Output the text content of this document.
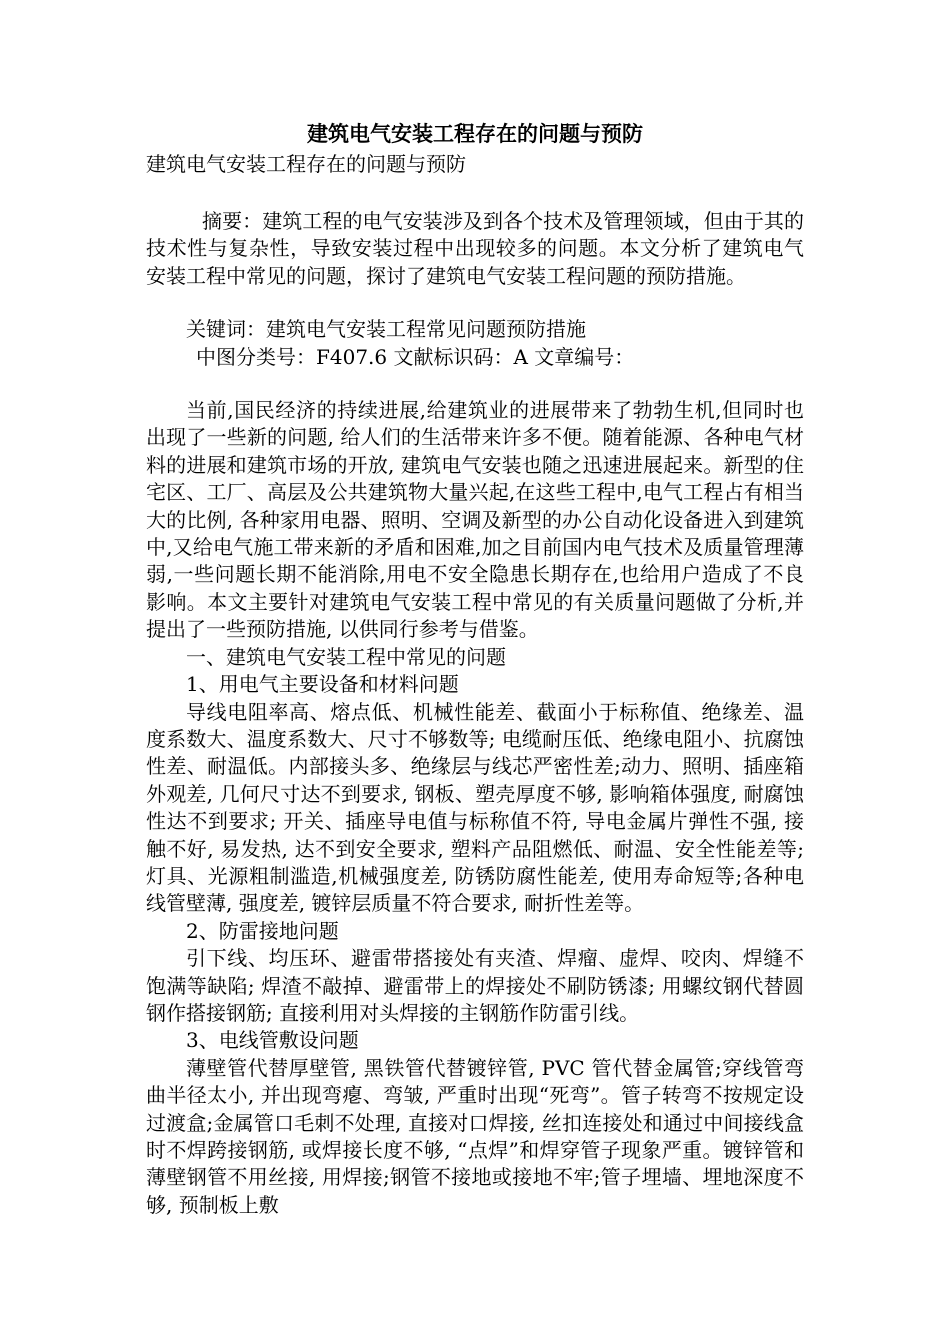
建筑电气安装工程存在的问题与预防

建筑电气安装工程存在的问题与预防

摘要：建筑工程的电气安装涉及到各个技术及管理领域，但由于其的技术性与复杂性，导致安装过程中出现较多的问题。本文分析了建筑电气安装工程中常见的问题，探讨了建筑电气安装工程问题的预防措施。

关键词：建筑电气安装工程常见问题预防措施

中图分类号：F407.6 文献标识码：A 文章编号：

当前,国民经济的持续进展,给建筑业的进展带来了勃勃生机,但同时也出现了一些新的问题, 给人们的生活带来许多不便。随着能源、各种电气材料的进展和建筑市场的开放, 建筑电气安装也随之迅速进展起来。新型的住宅区、工厂、高层及公共建筑物大量兴起,在这些工程中,电气工程占有相当大的比例, 各种家用电器、照明、空调及新型的办公自动化设备进入到建筑中,又给电气施工带来新的矛盾和困难,加之目前国内电气技术及质量管理薄弱,一些问题长期不能消除,用电不安全隐患长期存在,也给用户造成了不良影响。本文主要针对建筑电气安装工程中常见的有关质量问题做了分析,并提出了一些预防措施, 以供同行参考与借鉴。

一、建筑电气安装工程中常见的问题

1、用电气主要设备和材料问题

导线电阻率高、熔点低、机械性能差、截面小于标称值、绝缘差、温度系数大、温度系数大、尺寸不够数等; 电缆耐压低、绝缘电阻小、抗腐蚀性差、耐温低。内部接头多、绝缘层与线芯严密性差;动力、照明、插座箱外观差, 几何尺寸达不到要求, 钢板、塑壳厚度不够, 影响箱体强度, 耐腐蚀性达不到要求; 开关、插座导电值与标称值不符, 导电金属片弹性不强, 接触不好, 易发热, 达不到安全要求, 塑料产品阻燃低、耐温、安全性能差等; 灯具、光源粗制滥造,机械强度差, 防锈防腐性能差, 使用寿命短等;各种电线管壁薄, 强度差, 镀锌层质量不符合要求, 耐折性差等。

2、防雷接地问题

引下线、均压环、避雷带搭接处有夹渣、焊瘤、虚焊、咬肉、焊缝不饱满等缺陷; 焊渣不敲掉、避雷带上的焊接处不刷防锈漆; 用螺纹钢代替圆钢作搭接钢筋; 直接利用对头焊接的主钢筋作防雷引线。

3、电线管敷设问题

薄壁管代替厚壁管, 黑铁管代替镀锌管, PVC 管代替金属管;穿线管弯曲半径太小, 并出现弯瘪、弯皱, 严重时出现“死弯”。管子转弯不按规定设过渡盒;金属管口毛刺不处理, 直接对口焊接, 丝扣连接处和通过中间接线盒时不焊跨接钢筋, 或焊接长度不够, “点焊”和焊穿管子现象严重。镀锌管和薄壁钢管不用丝接, 用焊接;钢管不接地或接地不牢;管子埋墙、埋地深度不够, 预制板上敷
